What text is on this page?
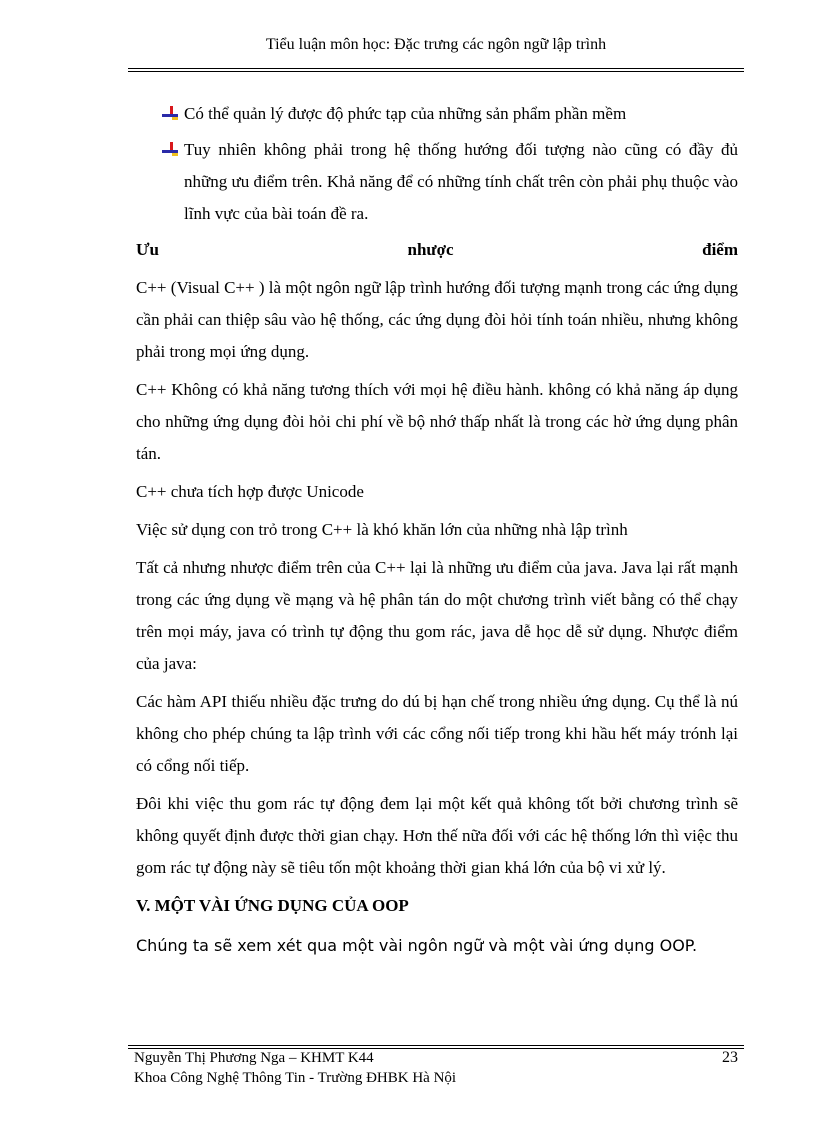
Tiểu luận môn học: Đặc trưng các ngôn ngữ lập trình
Có thể quản lý được độ phức tạp của những sản phẩm phần mềm
Tuy nhiên không phải trong hệ thống hướng đối tượng nào cũng có đầy đủ những ưu điểm trên. Khả năng để có những tính chất trên còn phải phụ thuộc vào lĩnh vực của bài toán đề ra.
Ưu	nhược	điểm

C++ (Visual C++ ) là một ngôn ngữ lập trình hướng đối tượng mạnh trong các ứng dụng cần phải can thiệp sâu vào hệ thống, các ứng dụng đòi hỏi tính toán nhiều, nhưng không phải trong mọi ứng dụng.

C++ Không có khả năng tương thích với mọi hệ điều hành. không có khả năng áp dụng cho những ứng dụng đòi hỏi chi phí về bộ nhớ thấp nhất là trong các hờ ứng dụng phân tán.

C++ chưa tích hợp được Unicode

Việc sử dụng con trỏ trong C++ là khó khăn lớn của những nhà lập trình

Tất cả nhưng nhược điểm trên của C++ lại là những ưu điểm của java. Java lại rất mạnh trong các ứng dụng về mạng và hệ phân tán do một chương trình viết bằng có thể chạy trên mọi máy, java có trình tự động thu gom rác, java dễ học dễ sử dụng. Nhược điểm của java:

Các hàm API thiếu nhiều đặc trưng do dú bị hạn chế trong nhiều ứng dụng. Cụ thể là nú không cho phép chúng ta lập trình với các cổng nối tiếp trong khi hầu hết máy trónh lại có cổng nối tiếp.

Đôi khi việc thu gom rác tự động đem lại một kết quả không tốt bởi chương trình sẽ không quyết định được thời gian chạy. Hơn thế nữa đối với các hệ thống lớn thì việc thu gom rác tự động này sẽ tiêu tốn một khoảng thời gian khá lớn của bộ vi xử lý.

V. MỘT VÀI ỨNG DỤNG CỦA OOP

Chúng ta sẽ xem xét qua một vài ngôn ngữ và một vài ứng dụng OOP.

Nguyễn Thị Phương Nga – KHMT K44
Khoa Công Nghệ Thông Tin - Trường ĐHBK Hà Nội
23
